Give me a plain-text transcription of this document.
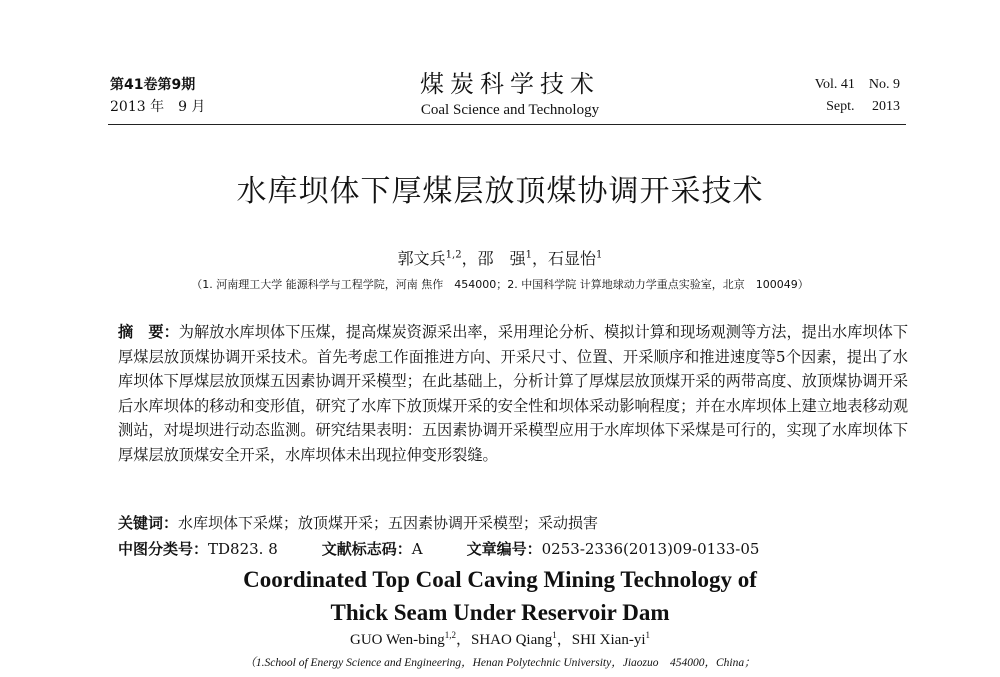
第41卷第9期
2013 年　9 月
煤炭科学技术
Coal Science and Technology
Vol. 41　No. 9
Sept.　 2013
水库坝体下厚煤层放顶煤协调开采技术
郭文兵$^{1,2}$，邵　强$^1$，石显怡$^1$
（1. 河南理工大学 能源科学与工程学院，河南 焦作　454000；2. 中国科学院 计算地球动力学重点实验室，北京　100049）
摘　要：为解放水库坝体下压煤，提高煤炭资源采出率，采用理论分析、模拟计算和现场观测等方法，提出水库坝体下厚煤层放顶煤协调开采技术。首先考虑工作面推进方向、开采尺寸、位置、开采顺序和推进速度等5个因素，提出了水库坝体下厚煤层放顶煤五因素协调开采模型；在此基础上，分析计算了厚煤层放顶煤开采的两带高度、放顶煤协调开采后水库坝体的移动和变形值，研究了水库下放顶煤开采的安全性和坝体采动影响程度；并在水库坝体上建立地表移动观测站，对堤坝进行动态监测。研究结果表明：五因素协调开采模型应用于水库坝体下采煤是可行的，实现了水库坝体下厚煤层放顶煤安全开采，水库坝体未出现拉伸变形裂缝。
关键词：水库坝体下采煤；放顶煤开采；五因素协调开采模型；采动损害
中图分类号：TD823. 8	文献标志码：A	文章编号：0253-2336(2013)09-0133-05
Coordinated Top Coal Caving Mining Technology of
Thick Seam Under Reservoir Dam
GUO Wen-bing$^{1,2}$，SHAO Qiang$^1$，SHI Xian-$yi^1$
（1.School of Energy Science and Engineering，Henan Polytechnic University，Jiaozuo　454000，China；
